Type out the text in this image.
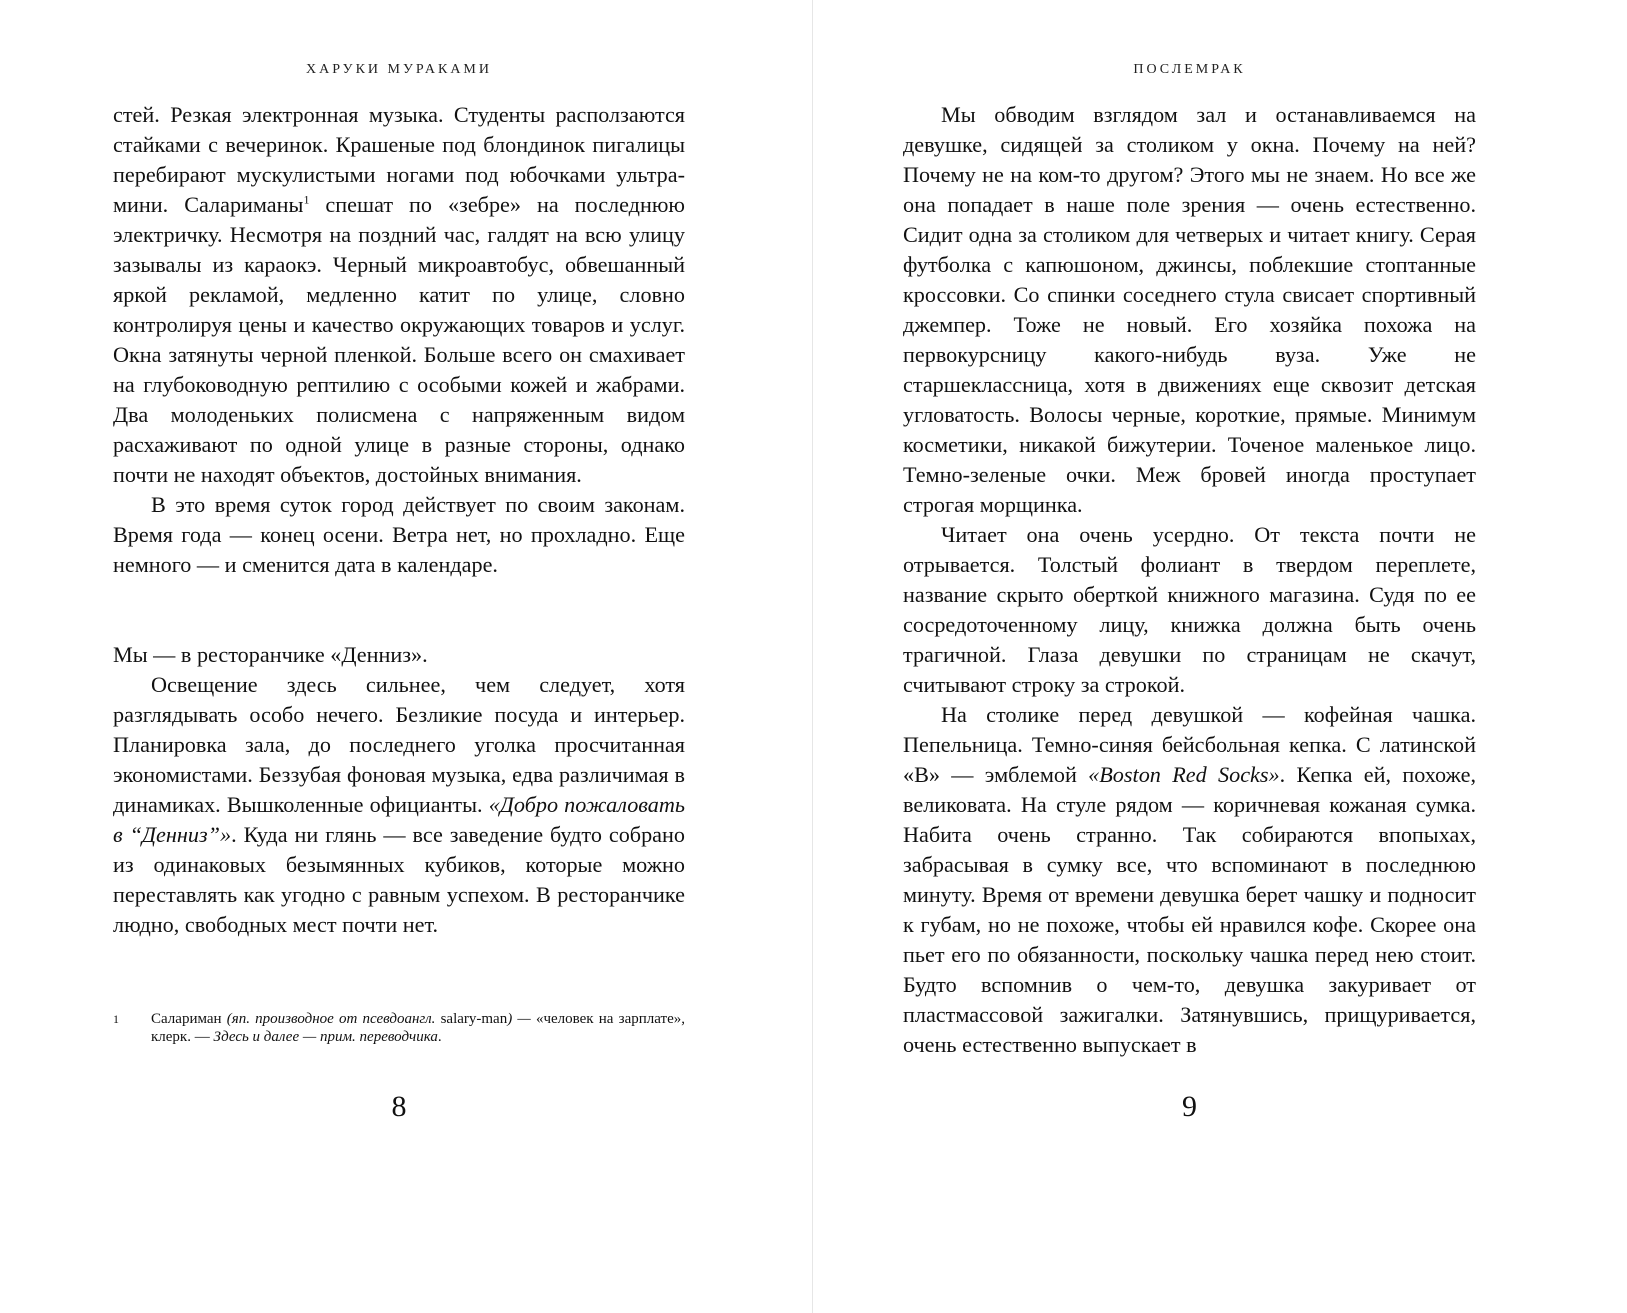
ХАРУКИ МУРАКАМИ

стей. Резкая электронная музыка. Студенты расползаются стайками с вечеринок. Крашеные под блондинок пигалицы перебирают мускулистыми ногами под юбочками ультра-мини. Салариманы$^1$ спешат по «зебре» на последнюю электричку. Несмотря на поздний час, галдят на всю улицу зазывалы из караокэ. Черный микроавтобус, обвешанный яркой рекламой, медленно катит по улице, словно контролируя цены и качество окружающих товаров и услуг. Окна затянуты черной пленкой. Больше всего он смахивает на глубоководную рептилию с особыми кожей и жабрами. Два молоденьких полисмена с напряженным видом расхаживают по одной улице в разные стороны, однако почти не находят объектов, достойных внимания.

В это время суток город действует по своим законам. Время года — конец осени. Ветра нет, но прохладно. Еще немного — и сменится дата в календаре.

Мы — в ресторанчике «Денниз».

Освещение здесь сильнее, чем следует, хотя разглядывать особо нечего. Безликие посуда и интерьер. Планировка зала, до последнего уголка просчитанная экономистами. Беззубая фоновая музыка, едва различимая в динамиках. Вышколенные официанты. «Добро пожаловать в “Денниз”». Куда ни глянь — все заведение будто собрано из одинаковых безымянных кубиков, которые можно переставлять как угодно с равным успехом. В ресторанчике людно, свободных мест почти нет.

1 Салариман (яп. производное от псевдоангл. salary-man) — «человек на зарплате», клерк. — Здесь и далее — прим. переводчика.
8
ПОСЛЕМРАК

Мы обводим взглядом зал и останавливаемся на девушке, сидящей за столиком у окна. Почему на ней? Почему не на ком-то другом? Этого мы не знаем. Но все же она попадает в наше поле зрения — очень естественно. Сидит одна за столиком для четверых и читает книгу. Серая футболка с капюшоном, джинсы, поблекшие стоптанные кроссовки. Со спинки соседнего стула свисает спортивный джемпер. Тоже не новый. Его хозяйка похожа на первокурсницу какого-нибудь вуза. Уже не старшеклассница, хотя в движениях еще сквозит детская угловатость. Волосы черные, короткие, прямые. Минимум косметики, никакой бижутерии. Точеное маленькое лицо. Темно-зеленые очки. Меж бровей иногда проступает строгая морщинка.

Читает она очень усердно. От текста почти не отрывается. Толстый фолиант в твердом переплете, название скрыто оберткой книжного магазина. Судя по ее сосредоточенному лицу, книжка должна быть очень трагичной. Глаза девушки по страницам не скачут, считывают строку за строкой.

На столике перед девушкой — кофейная чашка. Пепельница. Темно-синяя бейсбольная кепка. С латинской «B» — эмблемой «Boston Red Socks». Кепка ей, похоже, великовата. На стуле рядом — коричневая кожаная сумка. Набита очень странно. Так собираются впопыхах, забрасывая в сумку все, что вспоминают в последнюю минуту. Время от времени девушка берет чашку и подносит к губам, но не похоже, чтобы ей нравился кофе. Скорее она пьет его по обязанности, поскольку чашка перед нею стоит. Будто вспомнив о чем-то, девушка закуривает от пластмассовой зажигалки. Затянувшись, прищуривается, очень естественно выпускает в

9
